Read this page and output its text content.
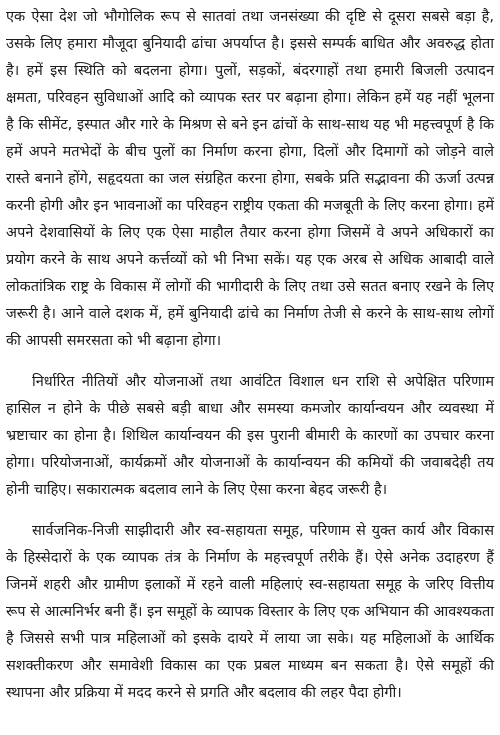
एक ऐसा देश जो भौगोलिक रूप से सातवां तथा जनसंख्या की दृष्टि से दूसरा सबसे बड़ा है, उसके लिए हमारा मौजूदा बुनियादी ढांचा अपर्याप्त है। इससे सम्पर्क बाधित और अवरुद्ध होता है। हमें इस स्थिति को बदलना होगा। पुलों, सड़कों, बंदरगाहों तथा हमारी बिजली उत्पादन क्षमता, परिवहन सुविधाओं आदि को व्यापक स्तर पर बढ़ाना होगा। लेकिन हमें यह नहीं भूलना है कि सीमेंट, इस्पात और गारे के मिश्रण से बने इन ढांचों के साथ-साथ यह भी महत्त्वपूर्ण है कि हमें अपने मतभेदों के बीच पुलों का निर्माण करना होगा, दिलों और दिमागों को जोड़ने वाले रास्ते बनाने होंगे, सहृदयता का जल संग्रहित करना होगा, सबके प्रति सद्भावना की ऊर्जा उत्पन्न करनी होगी और इन भावनाओं का परिवहन राष्ट्रीय एकता की मजबूती के लिए करना होगा। हमें अपने देशवासियों के लिए एक ऐसा माहौल तैयार करना होगा जिसमें वे अपने अधिकारों का प्रयोग करने के साथ अपने कर्त्तव्यों को भी निभा सकें। यह एक अरब से अधिक आबादी वाले लोकतांत्रिक राष्ट्र के विकास में लोगों की भागीदारी के लिए तथा उसे सतत बनाए रखने के लिए जरूरी है। आने वाले दशक में, हमें बुनियादी ढांचे का निर्माण तेजी से करने के साथ-साथ लोगों की आपसी समरसता को भी बढ़ाना होगा।

निर्धारित नीतियों और योजनाओं तथा आवंटित विशाल धन राशि से अपेक्षित परिणाम हासिल न होने के पीछे सबसे बड़ी बाधा और समस्या कमजोर कार्यान्वयन और व्यवस्था में भ्रष्टाचार का होना है। शिथिल कार्यान्वयन की इस पुरानी बीमारी के कारणों का उपचार करना होगा। परियोजनाओं, कार्यक्रमों और योजनाओं के कार्यान्वयन की कमियों की जवाबदेही तय होनी चाहिए। सकारात्मक बदलाव लाने के लिए ऐसा करना बेहद जरूरी है।

सार्वजनिक-निजी साझीदारी और स्व-सहायता समूह, परिणाम से युक्त कार्य और विकास के हिस्सेदारों के एक व्यापक तंत्र के निर्माण के महत्त्वपूर्ण तरीके हैं। ऐसे अनेक उदाहरण हैं जिनमें शहरी और ग्रामीण इलाकों में रहने वाली महिलाएं स्व-सहायता समूह के जरिए वित्तीय रूप से आत्मनिर्भर बनी हैं। इन समूहों के व्यापक विस्तार के लिए एक अभियान की आवश्यकता है जिससे सभी पात्र महिलाओं को इसके दायरे में लाया जा सके। यह महिलाओं के आर्थिक सशक्तीकरण और समावेशी विकास का एक प्रबल माध्यम बन सकता है। ऐसे समूहों की स्थापना और प्रक्रिया में मदद करने से प्रगति और बदलाव की लहर पैदा होगी।
